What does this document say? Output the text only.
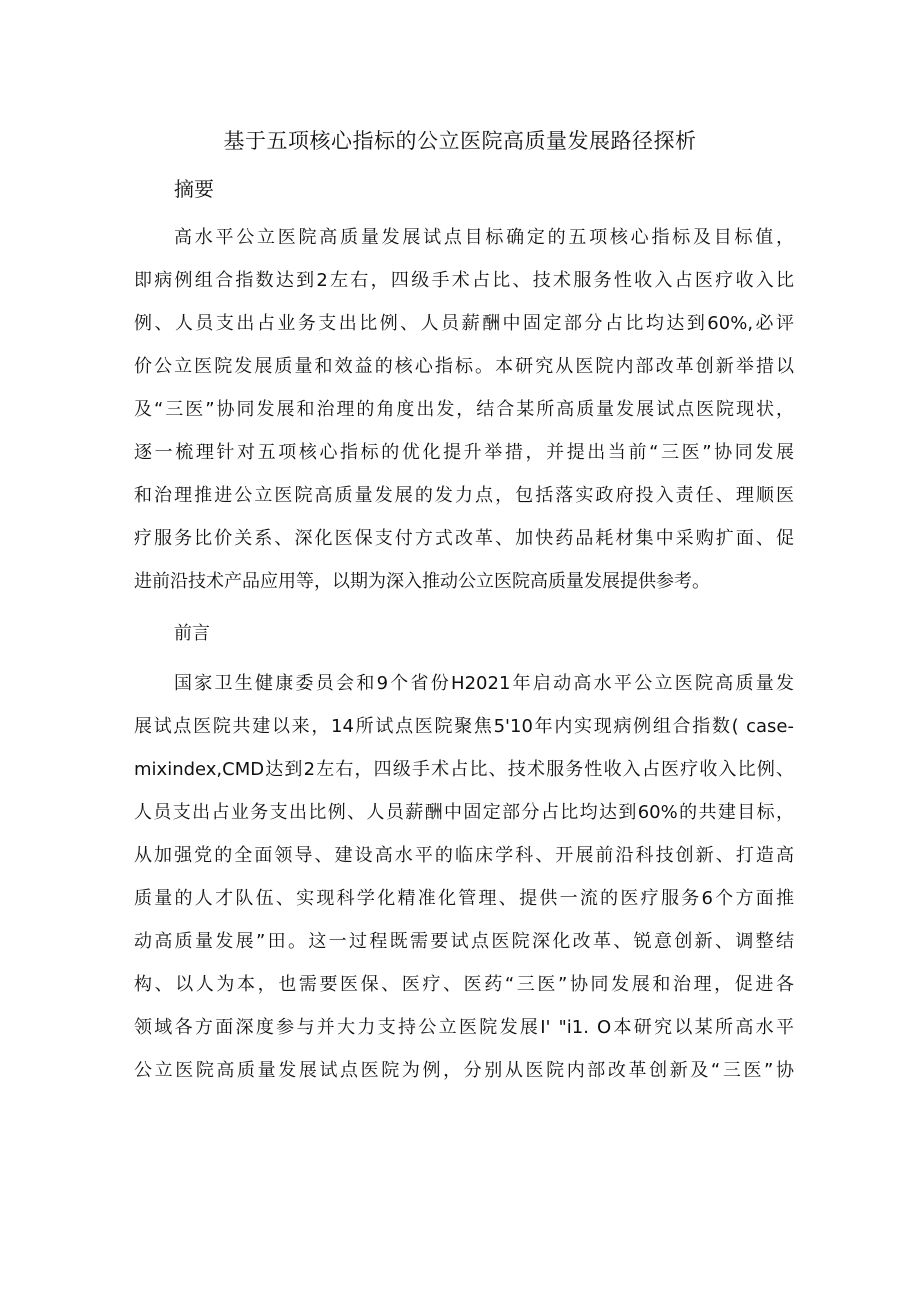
基于五项核心指标的公立医院高质量发展路径探析
摘要
高水平公立医院高质量发展试点目标确定的五项核心指标及目标值，
即病例组合指数达到2左右，四级手术占比、技术服务性收入占医疗收入比
例、人员支出占业务支出比例、人员薪酬中固定部分占比均达到60%,必评
价公立医院发展质量和效益的核心指标。本研究从医院内部改革创新举措以
及“三医”协同发展和治理的角度出发，结合某所高质量发展试点医院现状，
逐一梳理针对五项核心指标的优化提升举措，并提出当前“三医”协同发展
和治理推进公立医院高质量发展的发力点，包括落实政府投入责任、理顺医
疗服务比价关系、深化医保支付方式改革、加快药品耗材集中采购扩面、促
进前沿技术产品应用等，以期为深入推动公立医院高质量发展提供参考。
前言
国家卫生健康委员会和9个省份H2021年启动高水平公立医院高质量发
展试点医院共建以来，14所试点医院聚焦5'10年内实现病例组合指数( case-
mixindex,CMD达到2左右，四级手术占比、技术服务性收入占医疗收入比例、
人员支出占业务支出比例、人员薪酬中固定部分占比均达到60%的共建目标，
从加强党的全面领导、建设高水平的临床学科、开展前沿科技创新、打造高
质量的人才队伍、实现科学化精准化管理、提供一流的医疗服务6个方面推
动高质量发展”田。这一过程既需要试点医院深化改革、锐意创新、调整结
构、以人为本，也需要医保、医疗、医药“三医”协同发展和治理，促进各
领域各方面深度参与并大力支持公立医院发展I' "i1. O本研究以某所高水平
公立医院高质量发展试点医院为例，分别从医院内部改革创新及“三医”协
